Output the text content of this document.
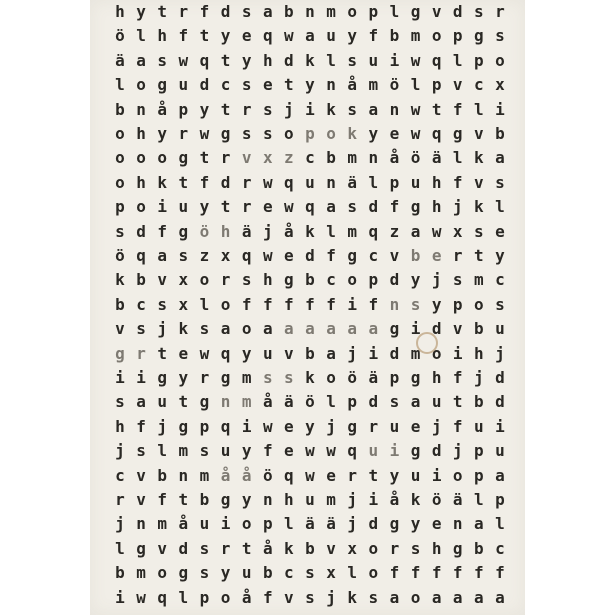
h y t r f d s a b n m o p l g v d s r
ö l h f t y e q w a u y f b m o p g s
ä a s w q t y h d k l s u i w q l p o
l o g u d c s e t y n å m ö l p v c x
b n å p y t r s j i k s a n w t f l i
o h y r w g s s o p o k y e w q g v b
o o o g t r v x z c b m n å ö ä l k a
o h k t f d r w q u n ä l p u h f v s
p o i u y t r e w q a s d f g h j k l
s d f g ö h ä j å k l m q z a w x s e
ö q a s z x q w e d f g c v b e r t y
k b v x o r s h g b c o p d y j s m c
b c s x l o f f f f f i f n s y p o s
v s j k s a o a a a a a a g i d v b u
g r t e w q y u v b a j i d m o i h j
i i g y r g m s s k o ö ä p g h f j d
s a u t g n m å ä ö l p d s a u t b d
h f j g p q i w e y j g r u e j f u i
j s l m s u y f e w w q u i g d j p u
c v b n m å å ö q w e r t y u i o p a
r v f t b g y n h u m j i å k ö ä l p
j n m å u i o p l ä ä j d g y e n a l
l g v d s r t å k b v x o r s h g b c
b m o g s y u b c s x l o f f f f f f
i w q l p o å f v s j k s a o a a a a
